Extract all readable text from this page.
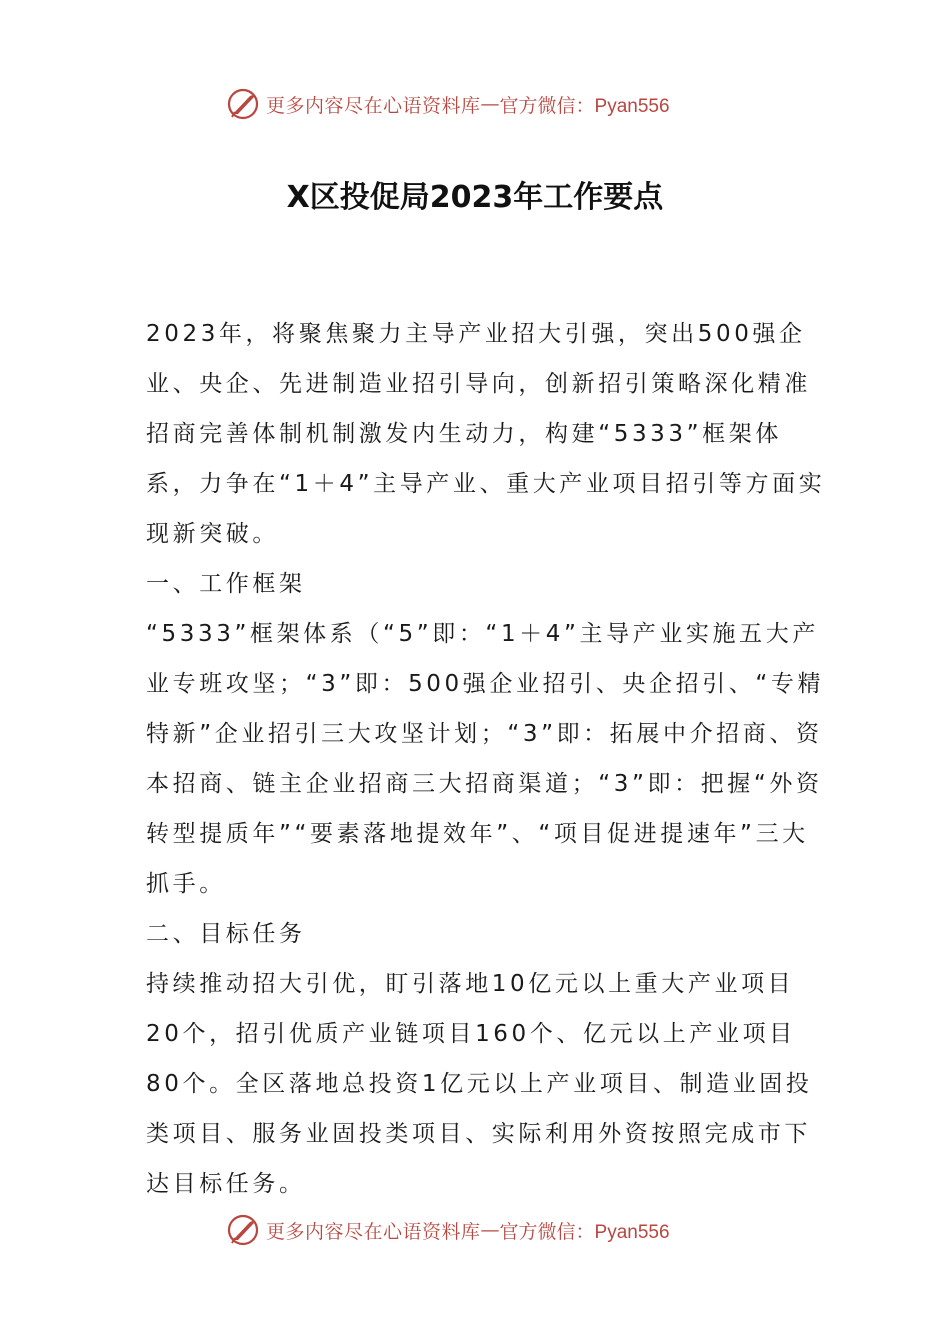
更多内容尽在心语资料库 — 官方微信：Pyan556
X区投促局2023年工作要点

2023年，将聚焦聚力主导产业招大引强，突出500强企业、央企、先进制造业招引导向，创新招引策略深化精准招商完善体制机制激发内生动力，构建“5333”框架体系，力争在“1＋4”主导产业、重大产业项目招引等方面实现新突破。

一、工作框架

“5333”框架体系（“5”即：“1＋4”主导产业实施五大产业专班攻坚；“3”即：500强企业招引、央企招引、“专精特新”企业招引三大攻坚计划；“3”即：拓展中介招商、资本招商、链主企业招商三大招商渠道；“3”即：把握“外资转型提质年”“要素落地提效年”、“项目促进提速年”三大抓手。

二、目标任务

持续推动招大引优，盯引落地10亿元以上重大产业项目20个，招引优质产业链项目160个、亿元以上产业项目80个。全区落地总投资1亿元以上产业项目、制造业固投类项目、服务业固投类项目、实际利用外资按照完成市下达目标任务。

更多内容尽在心语资料库 — 官方微信：Pyan556
